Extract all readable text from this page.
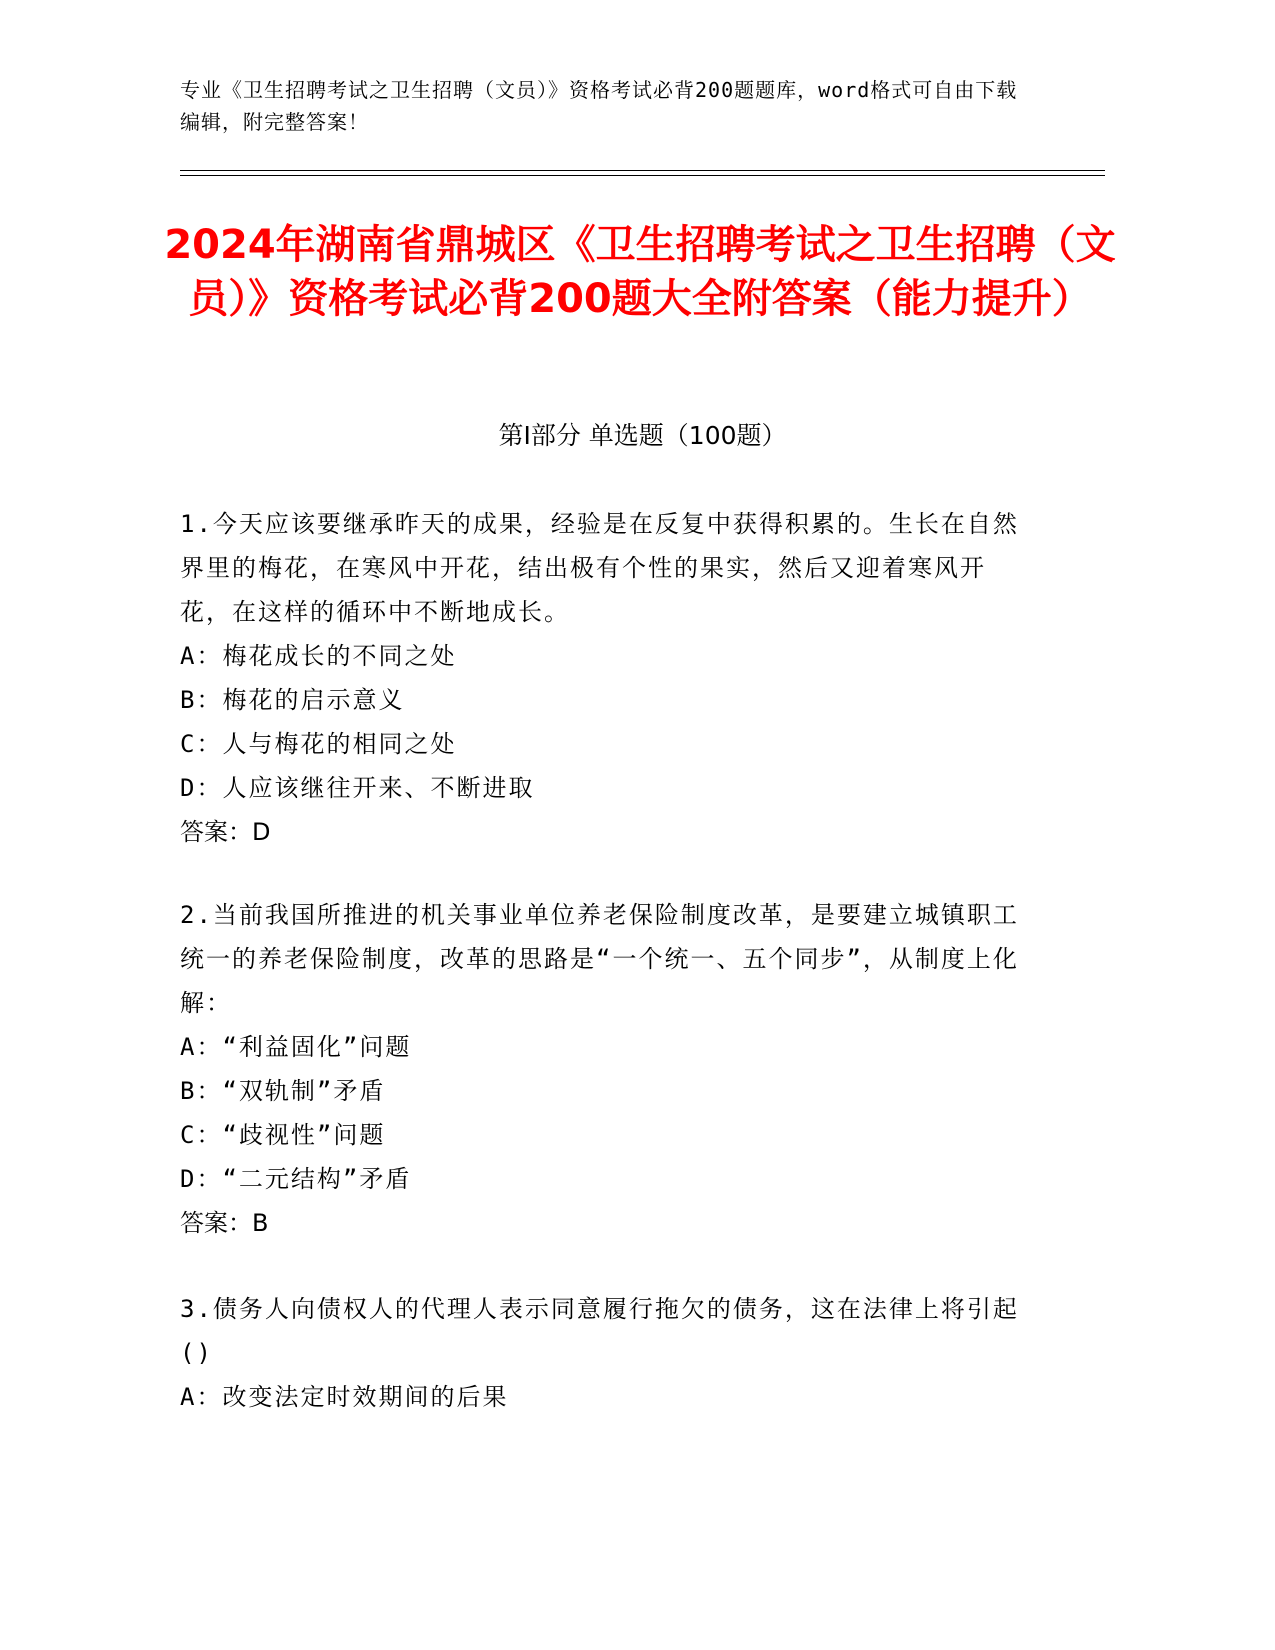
专业《卫生招聘考试之卫生招聘（文员）》资格考试必背200题题库，word格式可自由下载编辑，附完整答案！
2024年湖南省鼎城区《卫生招聘考试之卫生招聘（文员）》资格考试必背200题大全附答案（能力提升）
第I部分 单选题（100题）

1.今天应该要继承昨天的成果，经验是在反复中获得积累的。生长在自然界里的梅花，在寒风中开花，结出极有个性的果实，然后又迎着寒风开花，在这样的循环中不断地成长。

A：梅花成长的不同之处

B：梅花的启示意义

C：人与梅花的相同之处

D：人应该继往开来、不断进取

答案：D

2.当前我国所推进的机关事业单位养老保险制度改革，是要建立城镇职工统一的养老保险制度，改革的思路是“一个统一、五个同步”，从制度上化解：

A：“利益固化”问题

B：“双轨制”矛盾

C：“歧视性”问题

D：“二元结构”矛盾

答案：B

3.债务人向债权人的代理人表示同意履行拖欠的债务，这在法律上将引起()

A：改变法定时效期间的后果
